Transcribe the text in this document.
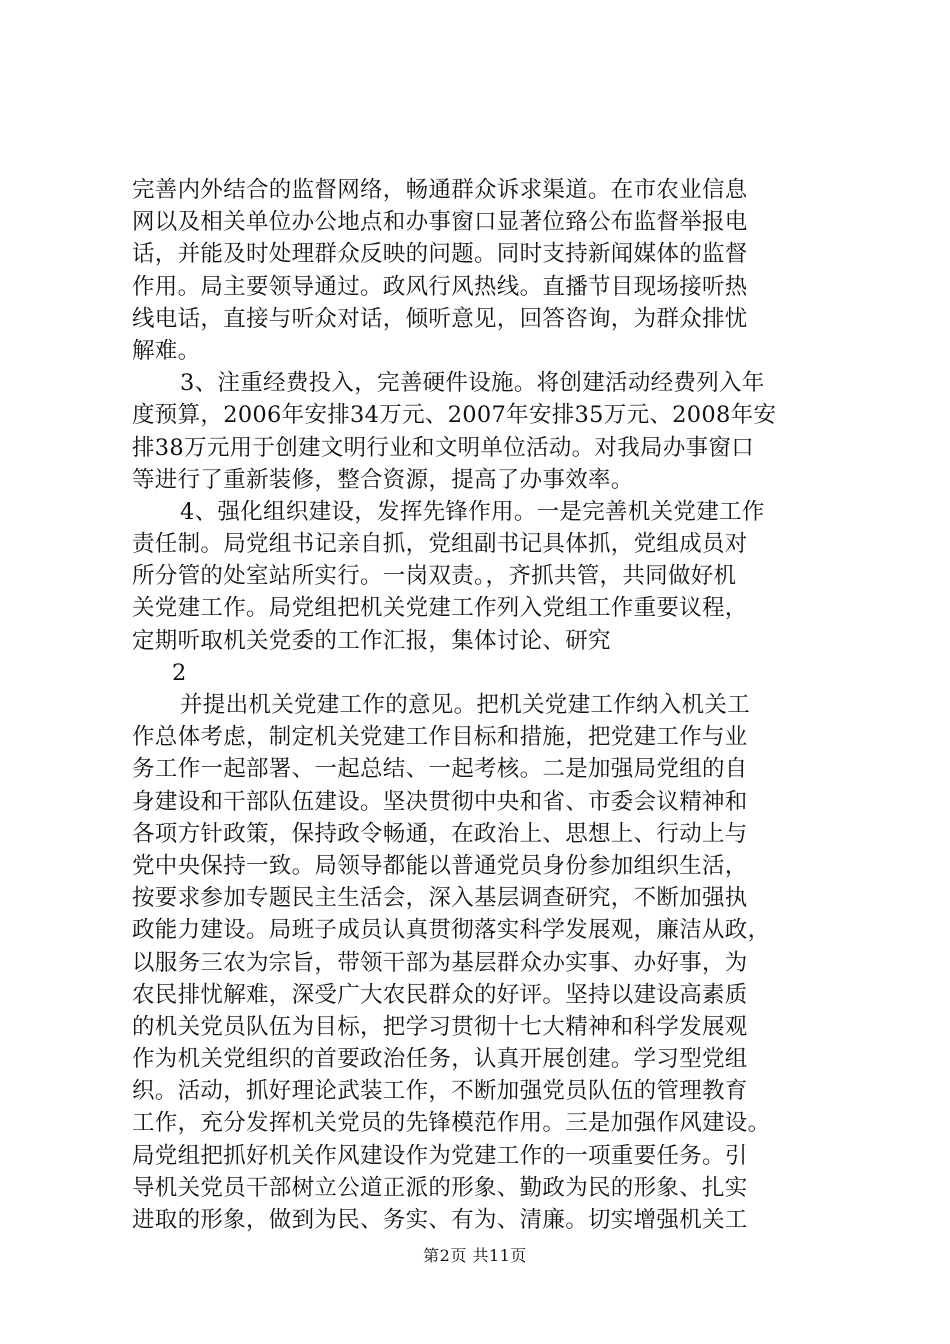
完善内外结合的监督网络，畅通群众诉求渠道。在市农业信息
网以及相关单位办公地点和办事窗口显著位臵公布监督举报电
话，并能及时处理群众反映的问题。同时支持新闻媒体的监督
作用。局主要领导通过。政风行风热线。直播节目现场接听热
线电话，直接与听众对话，倾听意见，回答咨询，为群众排忧
解难。
3、注重经费投入，完善硬件设施。将创建活动经费列入年
度预算，2006年安排34万元、2007年安排35万元、2008年安
排38万元用于创建文明行业和文明单位活动。对我局办事窗口
等进行了重新装修，整合资源，提高了办事效率。
4、强化组织建设，发挥先锋作用。一是完善机关党建工作
责任制。局党组书记亲自抓，党组副书记具体抓，党组成员对
所分管的处室站所实行。一岗双责。，齐抓共管，共同做好机
关党建工作。局党组把机关党建工作列入党组工作重要议程，
定期听取机关党委的工作汇报，集体讨论、研究
2
并提出机关党建工作的意见。把机关党建工作纳入机关工
作总体考虑，制定机关党建工作目标和措施，把党建工作与业
务工作一起部署、一起总结、一起考核。二是加强局党组的自
身建设和干部队伍建设。坚决贯彻中央和省、市委会议精神和
各项方针政策，保持政令畅通，在政治上、思想上、行动上与
党中央保持一致。局领导都能以普通党员身份参加组织生活，
按要求参加专题民主生活会，深入基层调查研究，不断加强执
政能力建设。局班子成员认真贯彻落实科学发展观，廉洁从政，
以服务三农为宗旨，带领干部为基层群众办实事、办好事，为
农民排忧解难，深受广大农民群众的好评。坚持以建设高素质
的机关党员队伍为目标，把学习贯彻十七大精神和科学发展观
作为机关党组织的首要政治任务，认真开展创建。学习型党组
织。活动，抓好理论武装工作，不断加强党员队伍的管理教育
工作，充分发挥机关党员的先锋模范作用。三是加强作风建设。
局党组把抓好机关作风建设作为党建工作的一项重要任务。引
导机关党员干部树立公道正派的形象、勤政为民的形象、扎实
进取的形象，做到为民、务实、有为、清廉。切实增强机关工
第2页 共11页
